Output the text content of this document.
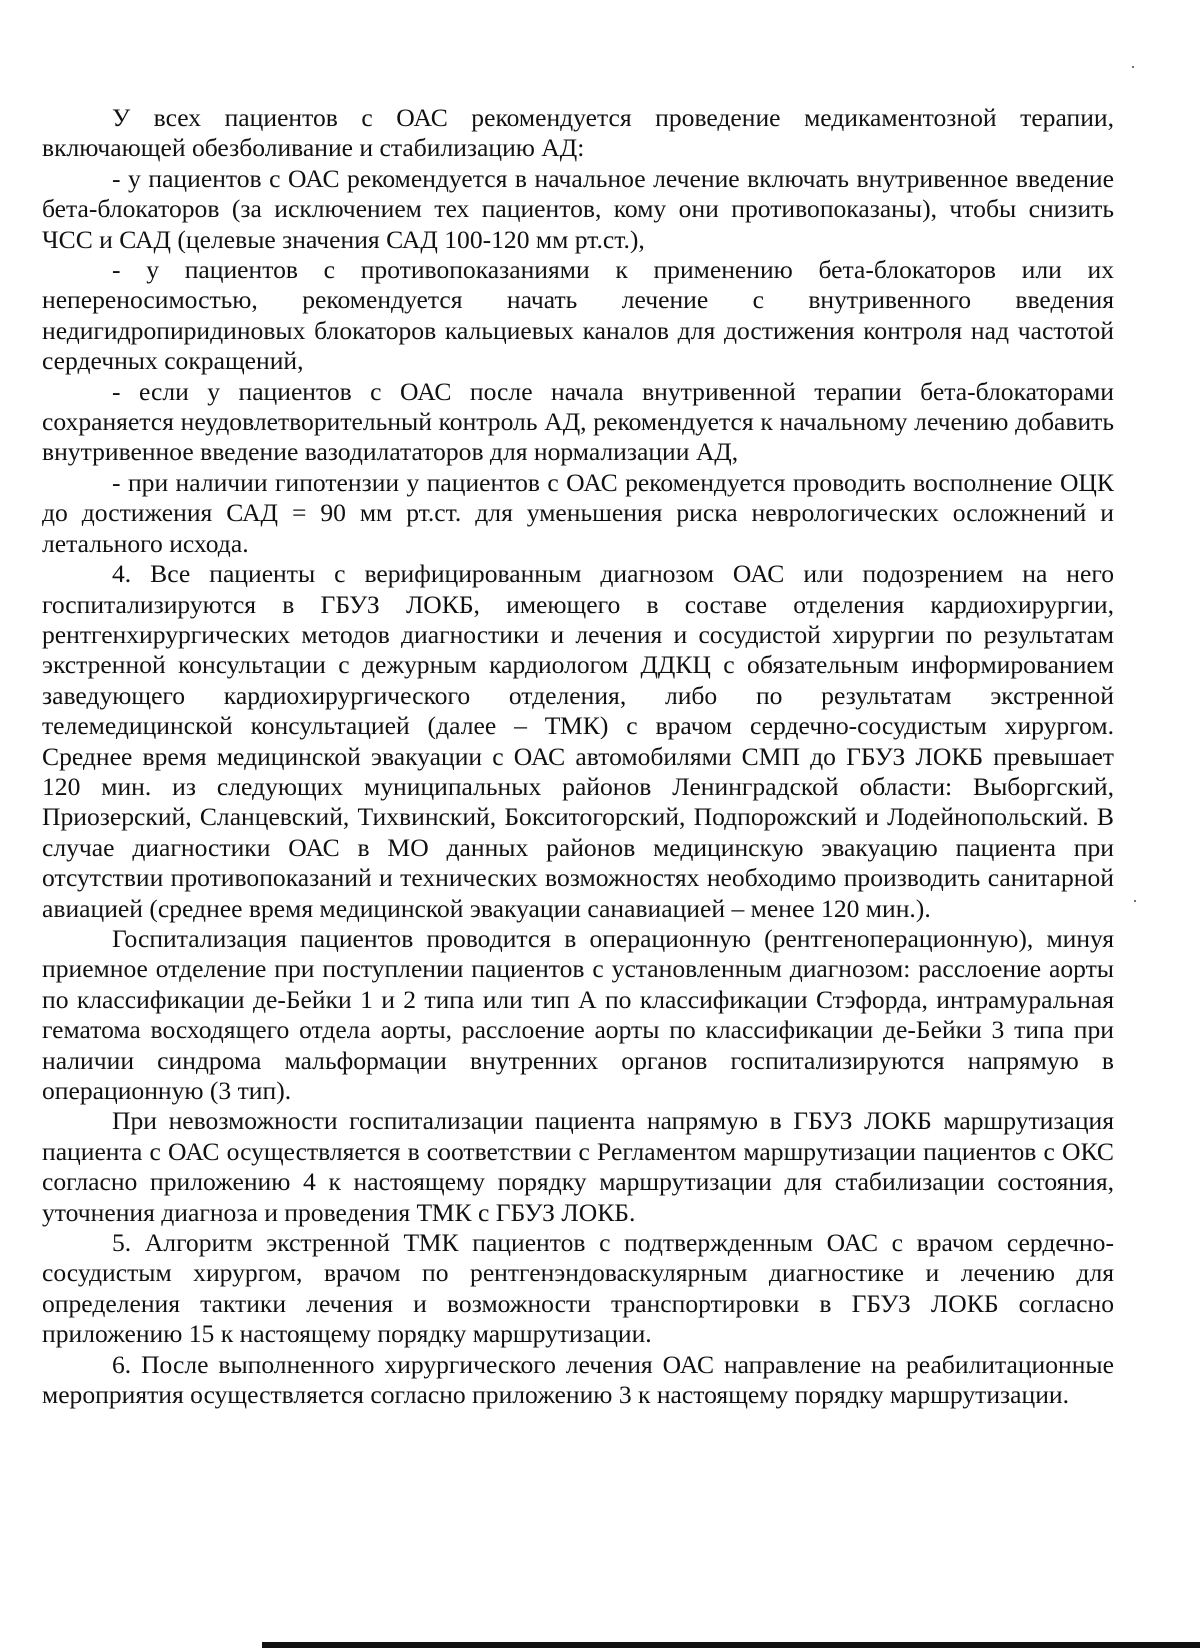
У всех пациентов с ОАС рекомендуется проведение медикаментозной терапии, включающей обезболивание и стабилизацию АД:

- у пациентов с ОАС рекомендуется в начальное лечение включать внутривенное введение бета-блокаторов (за исключением тех пациентов, кому они противопоказаны), чтобы снизить ЧСС и САД (целевые значения САД 100-120 мм рт.ст.),

- у пациентов с противопоказаниями к применению бета-блокаторов или их непереносимостью, рекомендуется начать лечение с внутривенного введения недигидропиридиновых блокаторов кальциевых каналов для достижения контроля над частотой сердечных сокращений,

- если у пациентов с ОАС после начала внутривенной терапии бета-блокаторами сохраняется неудовлетворительный контроль АД, рекомендуется к начальному лечению добавить внутривенное введение вазодилататоров для нормализации АД,

- при наличии гипотензии у пациентов с ОАС рекомендуется проводить восполнение ОЦК до достижения САД = 90 мм рт.ст. для уменьшения риска неврологических осложнений и летального исхода.

4. Все пациенты с верифицированным диагнозом ОАС или подозрением на него госпитализируются в ГБУЗ ЛОКБ, имеющего в составе отделения кардиохирургии, рентгенхирургических методов диагностики и лечения и сосудистой хирургии по результатам экстренной консультации с дежурным кардиологом ДДКЦ с обязательным информированием заведующего кардиохирургического отделения, либо по результатам экстренной телемедицинской консультацией (далее – ТМК) с врачом сердечно-сосудистым хирургом. Среднее время медицинской эвакуации с ОАС автомобилями СМП до ГБУЗ ЛОКБ превышает 120 мин. из следующих муниципальных районов Ленинградской области: Выборгский, Приозерский, Сланцевский, Тихвинский, Бокситогорский, Подпорожский и Лодейнопольский. В случае диагностики ОАС в МО данных районов медицинскую эвакуацию пациента при отсутствии противопоказаний и технических возможностях необходимо производить санитарной авиацией (среднее время медицинской эвакуации санавиацией – менее 120 мин.).

Госпитализация пациентов проводится в операционную (рентгеноперационную), минуя приемное отделение при поступлении пациентов с установленным диагнозом: расслоение аорты по классификации де-Бейки 1 и 2 типа или тип А по классификации Стэфорда, интрамуральная гематома восходящего отдела аорты, расслоение аорты по классификации де-Бейки 3 типа при наличии синдрома мальформации внутренних органов госпитализируются напрямую в операционную (3 тип).

При невозможности госпитализации пациента напрямую в ГБУЗ ЛОКБ маршрутизация пациента с ОАС осуществляется в соответствии с Регламентом маршрутизации пациентов с ОКС согласно приложению 4 к настоящему порядку маршрутизации для стабилизации состояния, уточнения диагноза и проведения ТМК с ГБУЗ ЛОКБ.

5. Алгоритм экстренной ТМК пациентов с подтвержденным ОАС с врачом сердечно-сосудистым хирургом, врачом по рентгенэндоваскулярным диагностике и лечению для определения тактики лечения и возможности транспортировки в ГБУЗ ЛОКБ согласно приложению 15 к настоящему порядку маршрутизации.

6. После выполненного хирургического лечения ОАС направление на реабилитационные мероприятия осуществляется согласно приложению 3 к настоящему порядку маршрутизации.
